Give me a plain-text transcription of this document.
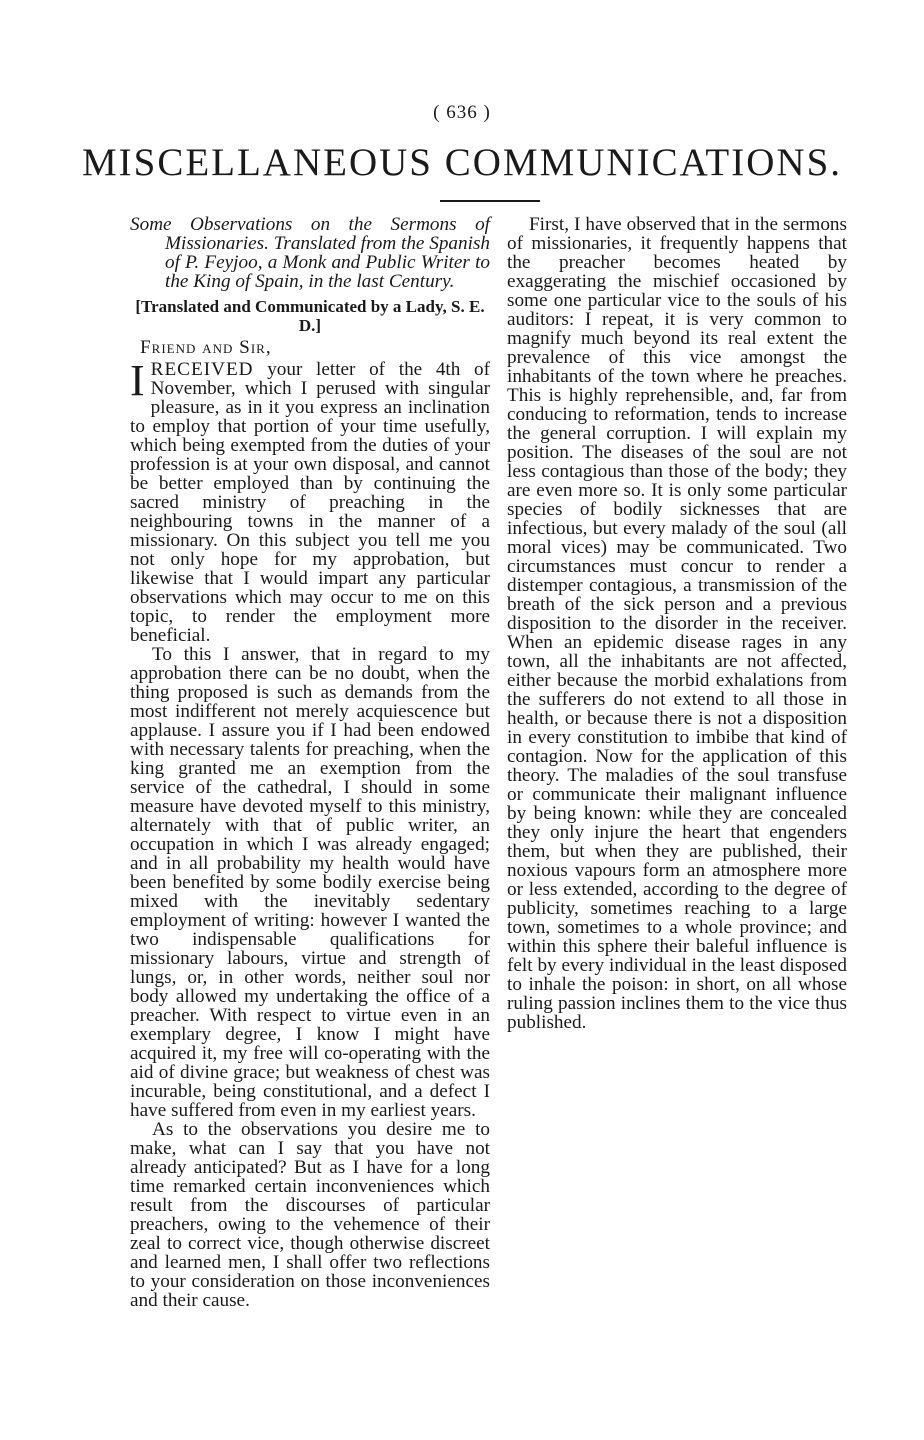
( 636 )
MISCELLANEOUS COMMUNICATIONS.

Some Observations on the Sermons of Missionaries. Translated from the Spanish of P. Feyjoo, a Monk and Public Writer to the King of Spain, in the last Century.

[Translated and Communicated by a Lady, S. E. D.]

Friend and Sir,

IRECEIVED your letter of the 4th of November, which I perused with singular pleasure, as in it you express an inclination to employ that portion of your time usefully, which being exempted from the duties of your profession is at your own disposal, and cannot be better employed than by continuing the sacred ministry of preaching in the neighbouring towns in the manner of a missionary. On this subject you tell me you not only hope for my approbation, but likewise that I would impart any particular observations which may occur to me on this topic, to render the employment more beneficial.

To this I answer, that in regard to my approbation there can be no doubt, when the thing proposed is such as demands from the most indifferent not merely acquiescence but applause. I assure you if I had been endowed with necessary talents for preaching, when the king granted me an exemption from the service of the cathedral, I should in some measure have devoted myself to this ministry, alternately with that of public writer, an occupation in which I was already engaged; and in all probability my health would have been benefited by some bodily exercise being mixed with the inevitably sedentary employment of writing: however I wanted the two indispensable qualifications for missionary labours, virtue and strength of lungs, or, in other words, neither soul nor body allowed my undertaking the office of a preacher. With respect to virtue even in an exemplary degree, I know I might have acquired it, my free will co-operating with the aid of divine grace; but weakness of chest was incurable, being constitutional, and a defect I have suffered from even in my earliest years.

As to the observations you desire me to make, what can I say that you have not already anticipated? But as I have for a long time remarked certain inconveniences which result from the discourses of particular preachers, owing to the vehemence of their zeal to correct vice, though otherwise discreet and learned men, I shall offer two reflections to your consideration on those inconveniences and their cause.

First, I have observed that in the sermons of missionaries, it frequently happens that the preacher becomes heated by exaggerating the mischief occasioned by some one particular vice to the souls of his auditors: I repeat, it is very common to magnify much beyond its real extent the prevalence of this vice amongst the inhabitants of the town where he preaches. This is highly reprehensible, and, far from conducing to reformation, tends to increase the general corruption. I will explain my position. The diseases of the soul are not less contagious than those of the body; they are even more so. It is only some particular species of bodily sicknesses that are infectious, but every malady of the soul (all moral vices) may be communicated. Two circumstances must concur to render a distemper contagious, a transmission of the breath of the sick person and a previous disposition to the disorder in the receiver. When an epidemic disease rages in any town, all the inhabitants are not affected, either because the morbid exhalations from the sufferers do not extend to all those in health, or because there is not a disposition in every constitution to imbibe that kind of contagion. Now for the application of this theory. The maladies of the soul transfuse or communicate their malignant influence by being known: while they are concealed they only injure the heart that engenders them, but when they are published, their noxious vapours form an atmosphere more or less extended, according to the degree of publicity, sometimes reaching to a large town, sometimes to a whole province; and within this sphere their baleful influence is felt by every individual in the least disposed to inhale the poison: in short, on all whose ruling passion inclines them to the vice thus published.
